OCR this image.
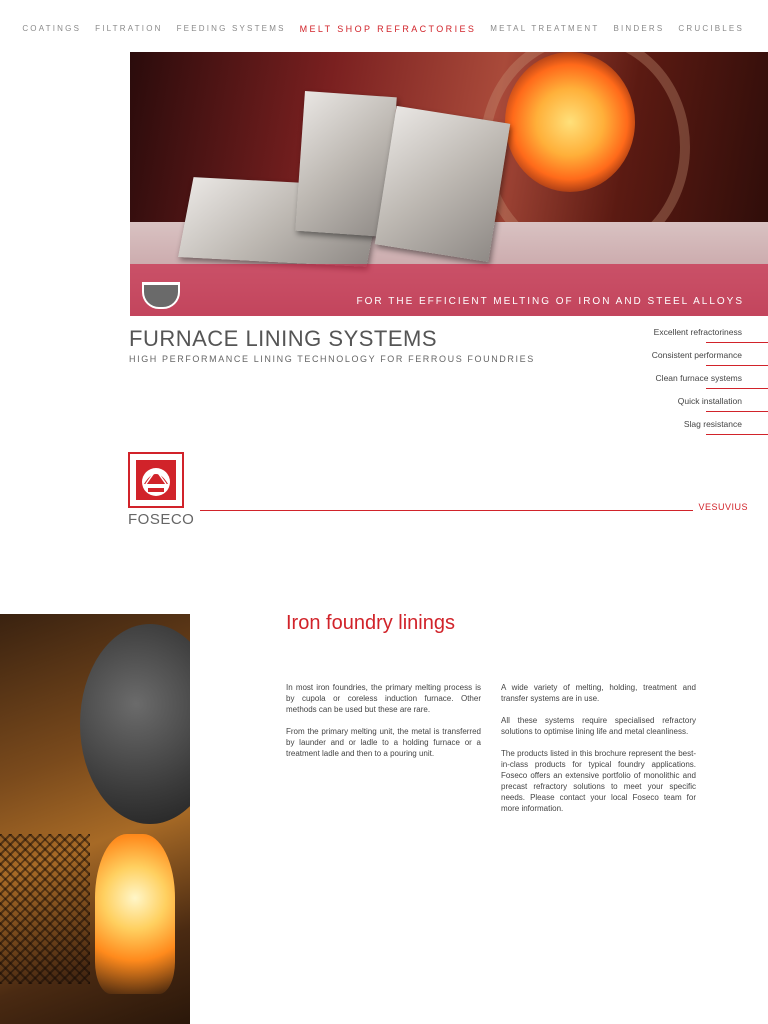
COATINGS FILTRATION FEEDING SYSTEMS MELT SHOP REFRACTORIES METAL TREATMENT BINDERS CRUCIBLES
FOR THE EFFICIENT MELTING OF IRON AND STEEL ALLOYS
FURNACE LINING SYSTEMS
HIGH PERFORMANCE LINING TECHNOLOGY FOR FERROUS FOUNDRIES
Excellent refractoriness
Consistent performance
Clean furnace systems
Quick installation
Slag resistance
FOSECO
VESUVIUS
Iron foundry linings

In most iron foundries, the primary melting process is by cupola or coreless induction furnace. Other methods can be used but these are rare.

From the primary melting unit, the metal is transferred by launder and or ladle to a holding furnace or a treatment ladle and then to a pouring unit.

A wide variety of melting, holding, treatment and transfer systems are in use.

All these systems require specialised refractory solutions to optimise lining life and metal cleanliness.

The products listed in this brochure represent the best-in-class products for typical foundry applications. Foseco offers an extensive portfolio of monolithic and precast refractory solutions to meet your specific needs. Please contact your local Foseco team for more information.
